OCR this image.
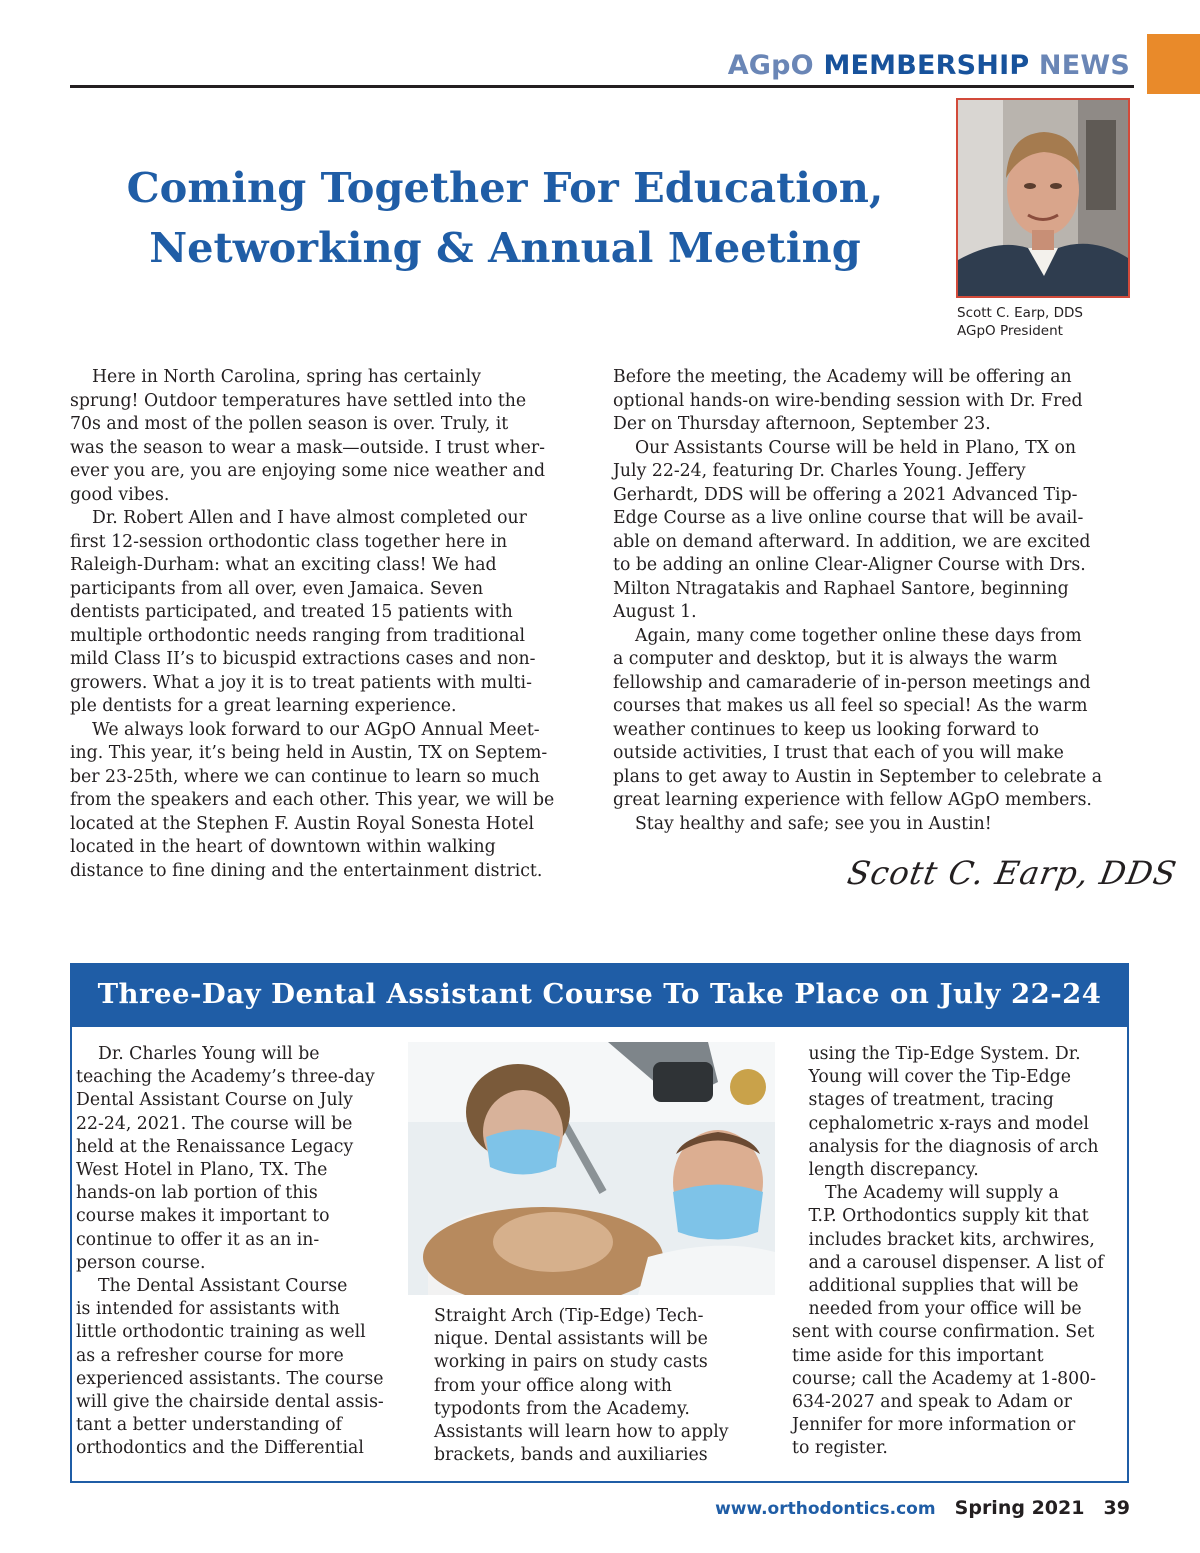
AGpO MEMBERSHIP NEWS
Coming Together For Education,
Networking & Annual Meeting
Scott C. Earp, DDS
AGpO President
Here in North Carolina, spring has certainly
sprung! Outdoor temperatures have settled into the
70s and most of the pollen season is over. Truly, it
was the season to wear a mask—outside. I trust wher-
ever you are, you are enjoying some nice weather and
good vibes.
Dr. Robert Allen and I have almost completed our
first 12-session orthodontic class together here in
Raleigh-Durham: what an exciting class! We had
participants from all over, even Jamaica. Seven
dentists participated, and treated 15 patients with
multiple orthodontic needs ranging from traditional
mild Class II’s to bicuspid extractions cases and non-
growers. What a joy it is to treat patients with multi-
ple dentists for a great learning experience.
We always look forward to our AGpO Annual Meet-
ing. This year, it’s being held in Austin, TX on Septem-
ber 23-25th, where we can continue to learn so much
from the speakers and each other. This year, we will be
located at the Stephen F. Austin Royal Sonesta Hotel
located in the heart of downtown within walking
distance to fine dining and the entertainment district.
Before the meeting, the Academy will be offering an
optional hands-on wire-bending session with Dr. Fred
Der on Thursday afternoon, September 23.
Our Assistants Course will be held in Plano, TX on
July 22-24, featuring Dr. Charles Young. Jeffery
Gerhardt, DDS will be offering a 2021 Advanced Tip-
Edge Course as a live online course that will be avail-
able on demand afterward. In addition, we are excited
to be adding an online Clear-Aligner Course with Drs.
Milton Ntragatakis and Raphael Santore, beginning
August 1.
Again, many come together online these days from
a computer and desktop, but it is always the warm
fellowship and camaraderie of in-person meetings and
courses that makes us all feel so special! As the warm
weather continues to keep us looking forward to
outside activities, I trust that each of you will make
plans to get away to Austin in September to celebrate a
great learning experience with fellow AGpO members.
Stay healthy and safe; see you in Austin!
Scott C. Earp, DDS
Three-Day Dental Assistant Course To Take Place on July 22-24
Dr. Charles Young will be
teaching the Academy’s three-day
Dental Assistant Course on July
22-24, 2021. The course will be
held at the Renaissance Legacy
West Hotel in Plano, TX. The
hands-on lab portion of this
course makes it important to
continue to offer it as an in-
person course.
The Dental Assistant Course
is intended for assistants with
little orthodontic training as well
as a refresher course for more
experienced assistants. The course
will give the chairside dental assis-
tant a better understanding of
orthodontics and the Differential
Straight Arch (Tip-Edge) Tech-
nique. Dental assistants will be
working in pairs on study casts
from your office along with
typodonts from the Academy.
Assistants will learn how to apply
brackets, bands and auxiliaries
using the Tip-Edge System. Dr.
Young will cover the Tip-Edge
stages of treatment, tracing
cephalometric x-rays and model
analysis for the diagnosis of arch
length discrepancy.
The Academy will supply a
T.P. Orthodontics supply kit that
includes bracket kits, archwires,
and a carousel dispenser. A list of
additional supplies that will be
needed from your office will be
sent with course confirmation. Set
time aside for this important
course; call the Academy at 1-800-
634-2027 and speak to Adam or
Jennifer for more information or
to register.
www.orthodontics.com Spring 2021 39
